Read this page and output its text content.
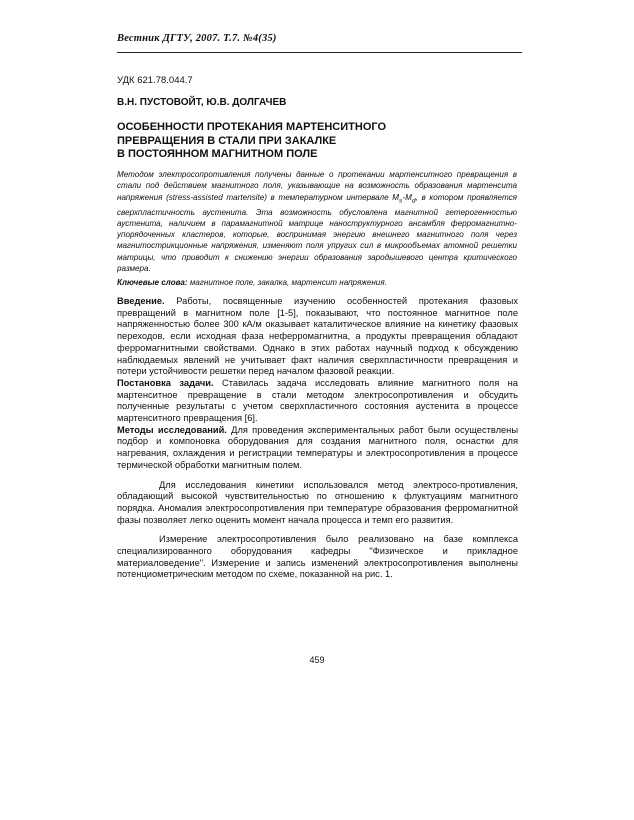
Вестник ДГТУ, 2007. Т.7. №4(35)
УДК 621.78.044.7
В.Н. ПУСТОВОЙТ, Ю.В. ДОЛГАЧЕВ
ОСОБЕННОСТИ ПРОТЕКАНИЯ МАРТЕНСИТНОГО
ПРЕВРАЩЕНИЯ В СТАЛИ ПРИ ЗАКАЛКЕ
В ПОСТОЯННОМ МАГНИТНОМ ПОЛЕ

Методом электросопротивления получены данные о протекании мартенситного превращения в стали под действием магнитного поля, указывающие на возможность образования мартенсита напряжения (stress-assisted martensite) в температурном интервале $M_s-M_d$, в котором проявляется сверхпластичность аустенита. Эта возможность обусловлена магнитной гетерогенностью аустенита, наличием в парамагнитной матрице наноструктурного ансамбля ферромагнитно-упорядоченных кластеров, которые, воспринимая энергию внешнего магнитного поля через магнитострикционные напряжения, изменяют поля упругих сил в микрообъемах атомной решетки матрицы, что приводит к снижению энергии образования зародышевого центра критического размера.

Ключевые слова: магнитное поле, закалка, мартенсит напряжения.

Введение. Работы, посвященные изучению особенностей протекания фазовых превращений в магнитном поле [1-5], показывают, что постоянное магнитное поле напряженностью более 300 кА/м оказывает каталитическое влияние на кинетику фазовых переходов, если исходная фаза неферромагнитна, а продукты превращения обладают ферромагнитными свойствами. Однако в этих работах научный подход к обсуждению наблюдаемых явлений не учитывает факт наличия сверхпластичности превращения и потери устойчивости решетки перед началом фазовой реакции.

Постановка задачи. Ставилась задача исследовать влияние магнитного поля на мартенситное превращение в стали методом электросопротивления и обсудить полученные результаты с учетом сверхпластичного состояния аустенита в процессе мартенситного превращения [6].

Методы исследований. Для проведения экспериментальных работ были осуществлены подбор и компоновка оборудования для создания магнитного поля, оснастки для нагревания, охлаждения и регистрации температуры и электросопротивления в процессе термической обработки магнитным полем.

Для исследования кинетики использовался метод электросо-противления, обладающий высокой чувствительностью по отношению к флуктуациям магнитного порядка. Аномалия электросопротивления при температуре образования ферромагнитной фазы позволяет легко оценить момент начала процесса и темп его развития.

Измерение электросопротивления было реализовано на базе комплекса специализированного оборудования кафедры "Физическое и прикладное материаловедение". Измерение и запись изменений электросопротивления выполнены потенциометрическим методом по схеме, показанной на рис. 1.

459
